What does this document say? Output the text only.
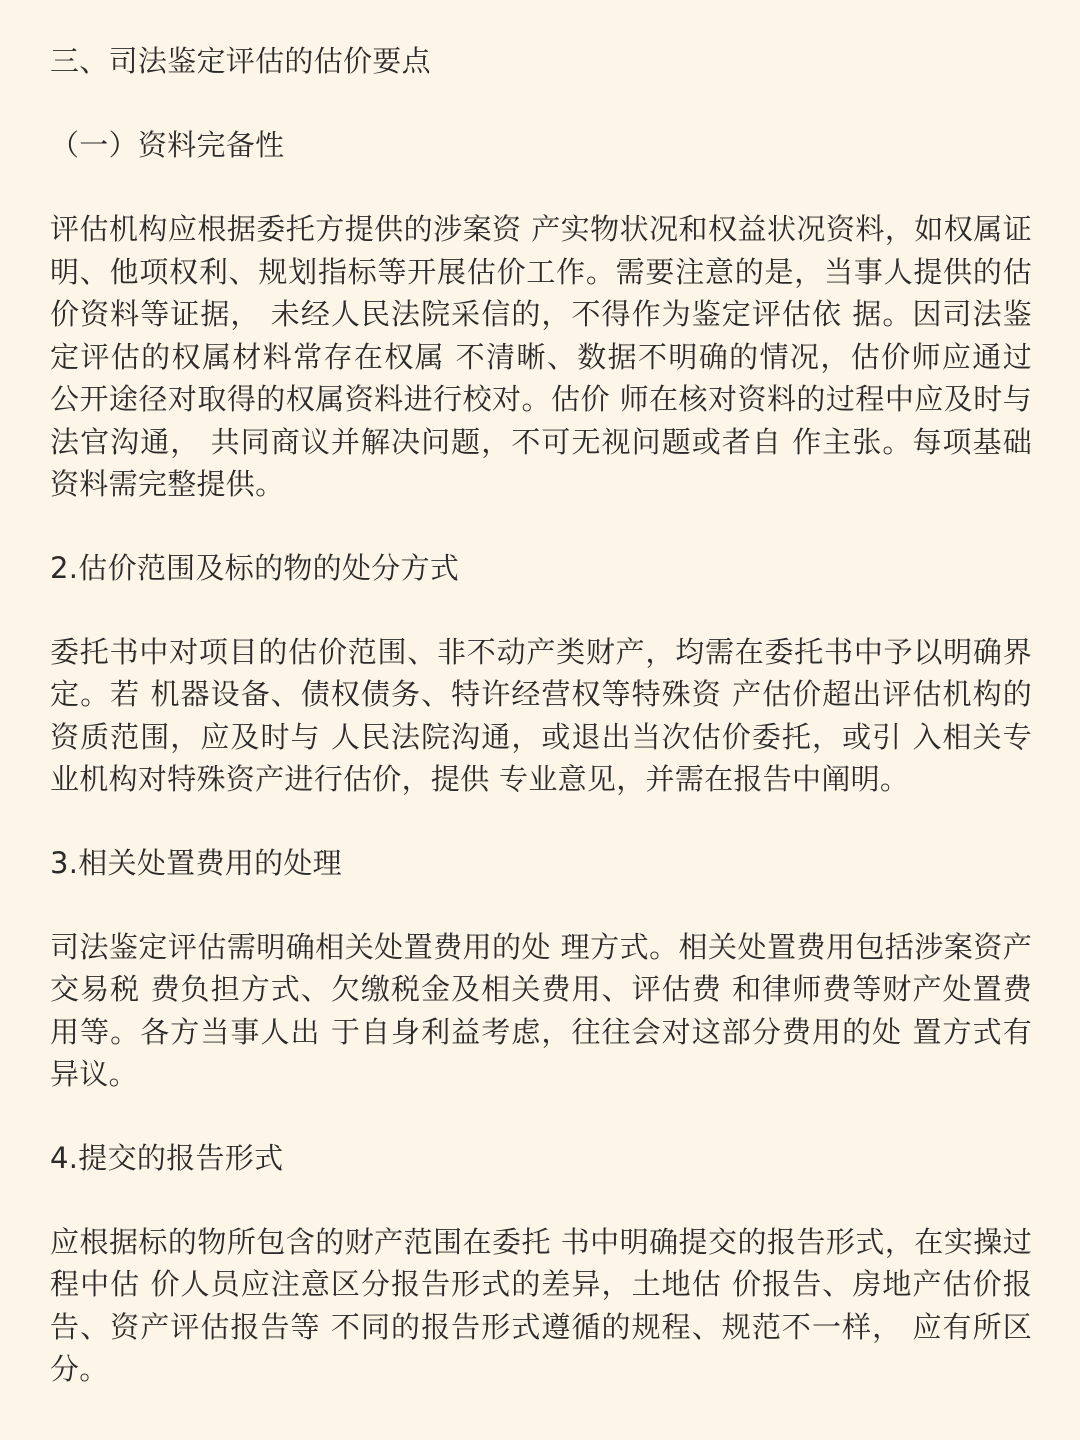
三、司法鉴定评估的估价要点

（一）资料完备性

评估机构应根据委托方提供的涉案资 产实物状况和权益状况资料，如权属证明、他项权利、规划指标等开展估价工作。需要注意的是，当事人提供的估价资料等证据， 未经人民法院采信的，不得作为鉴定评估依 据。因司法鉴定评估的权属材料常存在权属 不清晰、数据不明确的情况，估价师应通过 公开途径对取得的权属资料进行校对。估价 师在核对资料的过程中应及时与法官沟通， 共同商议并解决问题，不可无视问题或者自 作主张。每项基础资料需完整提供。

2.估价范围及标的物的处分方式

委托书中对项目的估价范围、非不动产类财产，均需在委托书中予以明确界定。若 机器设备、债权债务、特许经营权等特殊资 产估价超出评估机构的资质范围，应及时与 人民法院沟通，或退出当次估价委托，或引 入相关专业机构对特殊资产进行估价，提供 专业意见，并需在报告中阐明。

3.相关处置费用的处理

司法鉴定评估需明确相关处置费用的处 理方式。相关处置费用包括涉案资产交易税 费负担方式、欠缴税金及相关费用、评估费 和律师费等财产处置费用等。各方当事人出 于自身利益考虑，往往会对这部分费用的处 置方式有异议。

4.提交的报告形式

应根据标的物所包含的财产范围在委托 书中明确提交的报告形式，在实操过程中估 价人员应注意区分报告形式的差异，土地估 价报告、房地产估价报告、资产评估报告等 不同的报告形式遵循的规程、规范不一样， 应有所区分。
